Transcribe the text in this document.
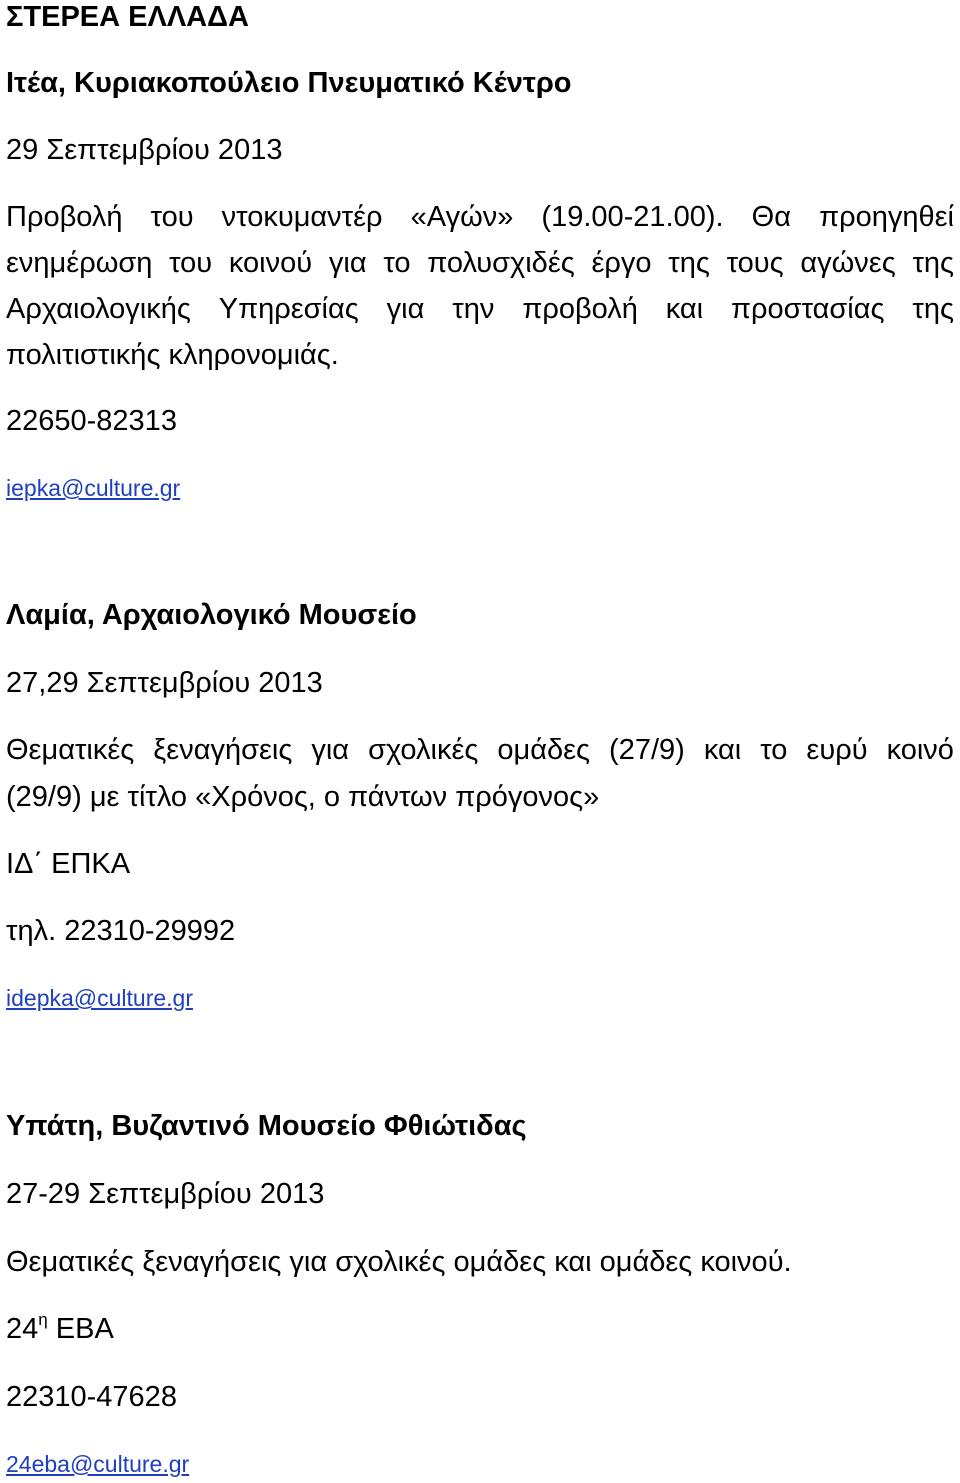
ΣΤΕΡΕΑ ΕΛΛΑΔΑ
Ιτέα, Κυριακοπούλειο Πνευματικό Κέντρο
29 Σεπτεμβρίου 2013
Προβολή του ντοκυμαντέρ «Αγών» (19.00-21.00). Θα προηγηθεί
ενημέρωση του κοινού για το πολυσχιδές έργο της τους αγώνες της
Αρχαιολογικής Υπηρεσίας για την προβολή και προστασίας της
πολιτιστικής κληρονομιάς.
22650-82313
iepka@culture.gr
Λαμία, Αρχαιολογικό Μουσείο
27,29 Σεπτεμβρίου 2013
Θεματικές ξεναγήσεις για σχολικές ομάδες (27/9) και το ευρύ κοινό
(29/9) με τίτλο «Χρόνος, ο πάντων πρόγονος»
ΙΔ΄ ΕΠΚΑ
τηλ. 22310-29992
idepka@culture.gr
Υπάτη, Βυζαντινό Μουσείο Φθιώτιδας
27-29 Σεπτεμβρίου 2013
Θεματικές ξεναγήσεις για σχολικές ομάδες και ομάδες κοινού.
$24^\eta$ ΕΒΑ
22310-47628
24eba@culture.gr
